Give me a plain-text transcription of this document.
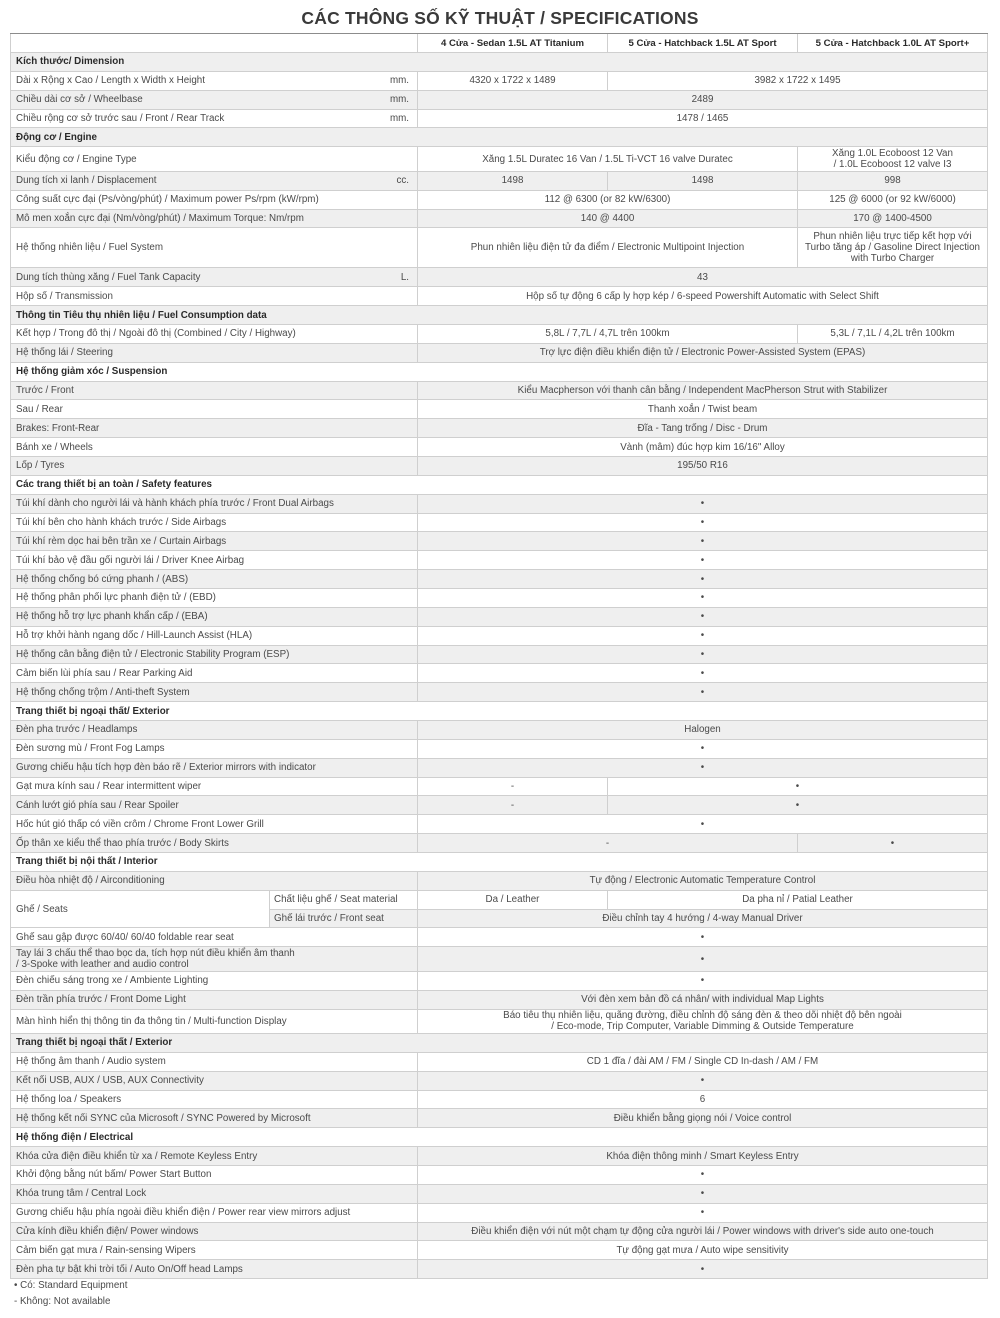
CÁC THÔNG SỐ KỸ THUẬT / SPECIFICATIONS
4 Cửa - Sedan 1.5L AT Titanium	5 Cửa - Hatchback 1.5L AT Sport	5 Cửa - Hatchback 1.0L AT Sport+
Kích thước/ Dimension
Dài x Rộng x Cao / Length x Width x Height	mm.	4320 x 1722 x 1489	3982 x 1722 x 1495
Chiều dài cơ sở / Wheelbase	mm.	2489
Chiều rộng cơ sở trước sau / Front / Rear Track	mm.	1478 / 1465
Động cơ / Engine
Kiểu động cơ / Engine Type	Xăng 1.5L Duratec 16 Van / 1.5L Ti-VCT 16 valve Duratec	Xăng 1.0L Ecoboost 12 Van
/ 1.0L Ecoboost 12 valve I3
Dung tích xi lanh / Displacement	cc.	1498	1498	998
Công suất cực đại (Ps/vòng/phút) / Maximum power Ps/rpm (kW/rpm)	112 @ 6300 (or 82 kW/6300)	125 @ 6000 (or 92 kW/6000)
Mô men xoắn cực đại (Nm/vòng/phút) / Maximum Torque: Nm/rpm	140 @ 4400	170 @ 1400-4500
Hệ thống nhiên liệu / Fuel System	Phun nhiên liệu điện tử đa điểm / Electronic Multipoint Injection
Phun nhiên liệu trực tiếp kết hợp với
Turbo tăng áp / Gasoline Direct Injection
with Turbo Charger
Dung tích thùng xăng / Fuel Tank Capacity	L.	43
Hộp số / Transmission	Hộp số tự động 6 cấp ly hợp kép / 6-speed Powershift Automatic with Select Shift
Thông tin Tiêu thụ nhiên liệu / Fuel Consumption data
Kết hợp / Trong đô thị / Ngoài đô thị (Combined / City / Highway)	5,8L / 7,7L / 4,7L trên 100km	5,3L / 7,1L / 4,2L trên 100km
Hệ thống lái / Steering	Trợ lực điện điều khiển điện tử / Electronic Power-Assisted System (EPAS)
Hệ thống giảm xóc / Suspension
Trước / Front	Kiểu Macpherson với thanh cân bằng / Independent MacPherson Strut with Stabilizer
Sau / Rear	Thanh xoắn / Twist beam
Brakes: Front-Rear	Đĩa - Tang trống / Disc - Drum
Bánh xe / Wheels	Vành (mâm) đúc hợp kim 16/16" Alloy
Lốp / Tyres	195/50 R16
Các trang thiết bị an toàn / Safety features
Túi khí dành cho người lái và hành khách phía trước / Front Dual Airbags	•
Túi khí bên cho hành khách trước / Side Airbags	•
Túi khí rèm dọc hai bên trần xe / Curtain Airbags	•
Túi khí bảo vệ đầu gối người lái / Driver Knee Airbag	•
Hệ thống chống bó cứng phanh / (ABS)	•
Hệ thống phân phối lực phanh điện tử / (EBD)	•
Hệ thống hỗ trợ lực phanh khẩn cấp / (EBA)	•
Hỗ trợ khởi hành ngang dốc / Hill-Launch Assist (HLA)	•
Hệ thống cân bằng điện tử / Electronic Stability Program (ESP)	•
Cảm biến lùi phía sau / Rear Parking Aid	•
Hệ thống chống trộm / Anti-theft System	•
Trang thiết bị ngoại thất/ Exterior
Đèn pha trước / Headlamps	Halogen
Đèn sương mù / Front Fog Lamps	•
Gương chiếu hậu tích hợp đèn báo rẽ / Exterior mirrors with indicator	•
Gạt mưa kính sau / Rear intermittent wiper	-	•
Cánh lướt gió phía sau / Rear Spoiler	-	•
Hốc hút gió thấp có viền crôm / Chrome Front Lower Grill	•
Ốp thân xe kiểu thể thao phía trước / Body Skirts	-	•
Trang thiết bị nội thất / Interior
Điều hòa nhiệt độ / Airconditioning	Tự động / Electronic Automatic Temperature Control
Ghế / Seats
Chất liệu ghế / Seat material	Da / Leather	Da pha nỉ / Patial Leather
Ghế lái trước / Front seat	Điều chỉnh tay 4 hướng / 4-way Manual Driver
Ghế sau gập được 60/40/ 60/40 foldable rear seat	•
Tay lái 3 chấu thể thao bọc da, tích hợp nút điều khiển âm thanh
/ 3-Spoke with leather and audio control	•
Đèn chiếu sáng trong xe / Ambiente Lighting	•
Đèn trần phía trước / Front Dome Light	Với đèn xem bản đồ cá nhân/ with individual Map Lights
Màn hình hiển thị thông tin đa thông tin / Multi-function Display	Báo tiêu thụ nhiên liệu, quãng đường, điều chỉnh độ sáng đèn & theo dõi nhiệt độ bên ngoài
/ Eco-mode, Trip Computer, Variable Dimming & Outside Temperature
Trang thiết bị ngoại thất / Exterior
Hệ thống âm thanh / Audio system	CD 1 đĩa / đài AM / FM / Single CD In-dash / AM / FM
Kết nối USB, AUX / USB, AUX Connectivity	•
Hệ thống loa / Speakers	6
Hệ thống kết nối SYNC của Microsoft / SYNC Powered by Microsoft	Điều khiển bằng giọng nói / Voice control
Hệ thống điện / Electrical
Khóa cửa điện điều khiển từ xa / Remote Keyless Entry	Khóa điện thông minh / Smart Keyless Entry
Khởi động bằng nút bấm/ Power Start Button	•
Khóa trung tâm / Central Lock	•
Gương chiếu hậu phía ngoài điều khiển điện / Power rear view mirrors adjust	•
Cửa kính điều khiển điện/ Power windows	Điều khiển điện với nút một chạm tự động cửa người lái / Power windows with driver's side auto one-touch
Cảm biến gạt mưa / Rain-sensing Wipers	Tự động gạt mưa / Auto wipe sensitivity
Đèn pha tự bật khi trời tối / Auto On/Off head Lamps	•
• Có: Standard Equipment
- Không: Not available
